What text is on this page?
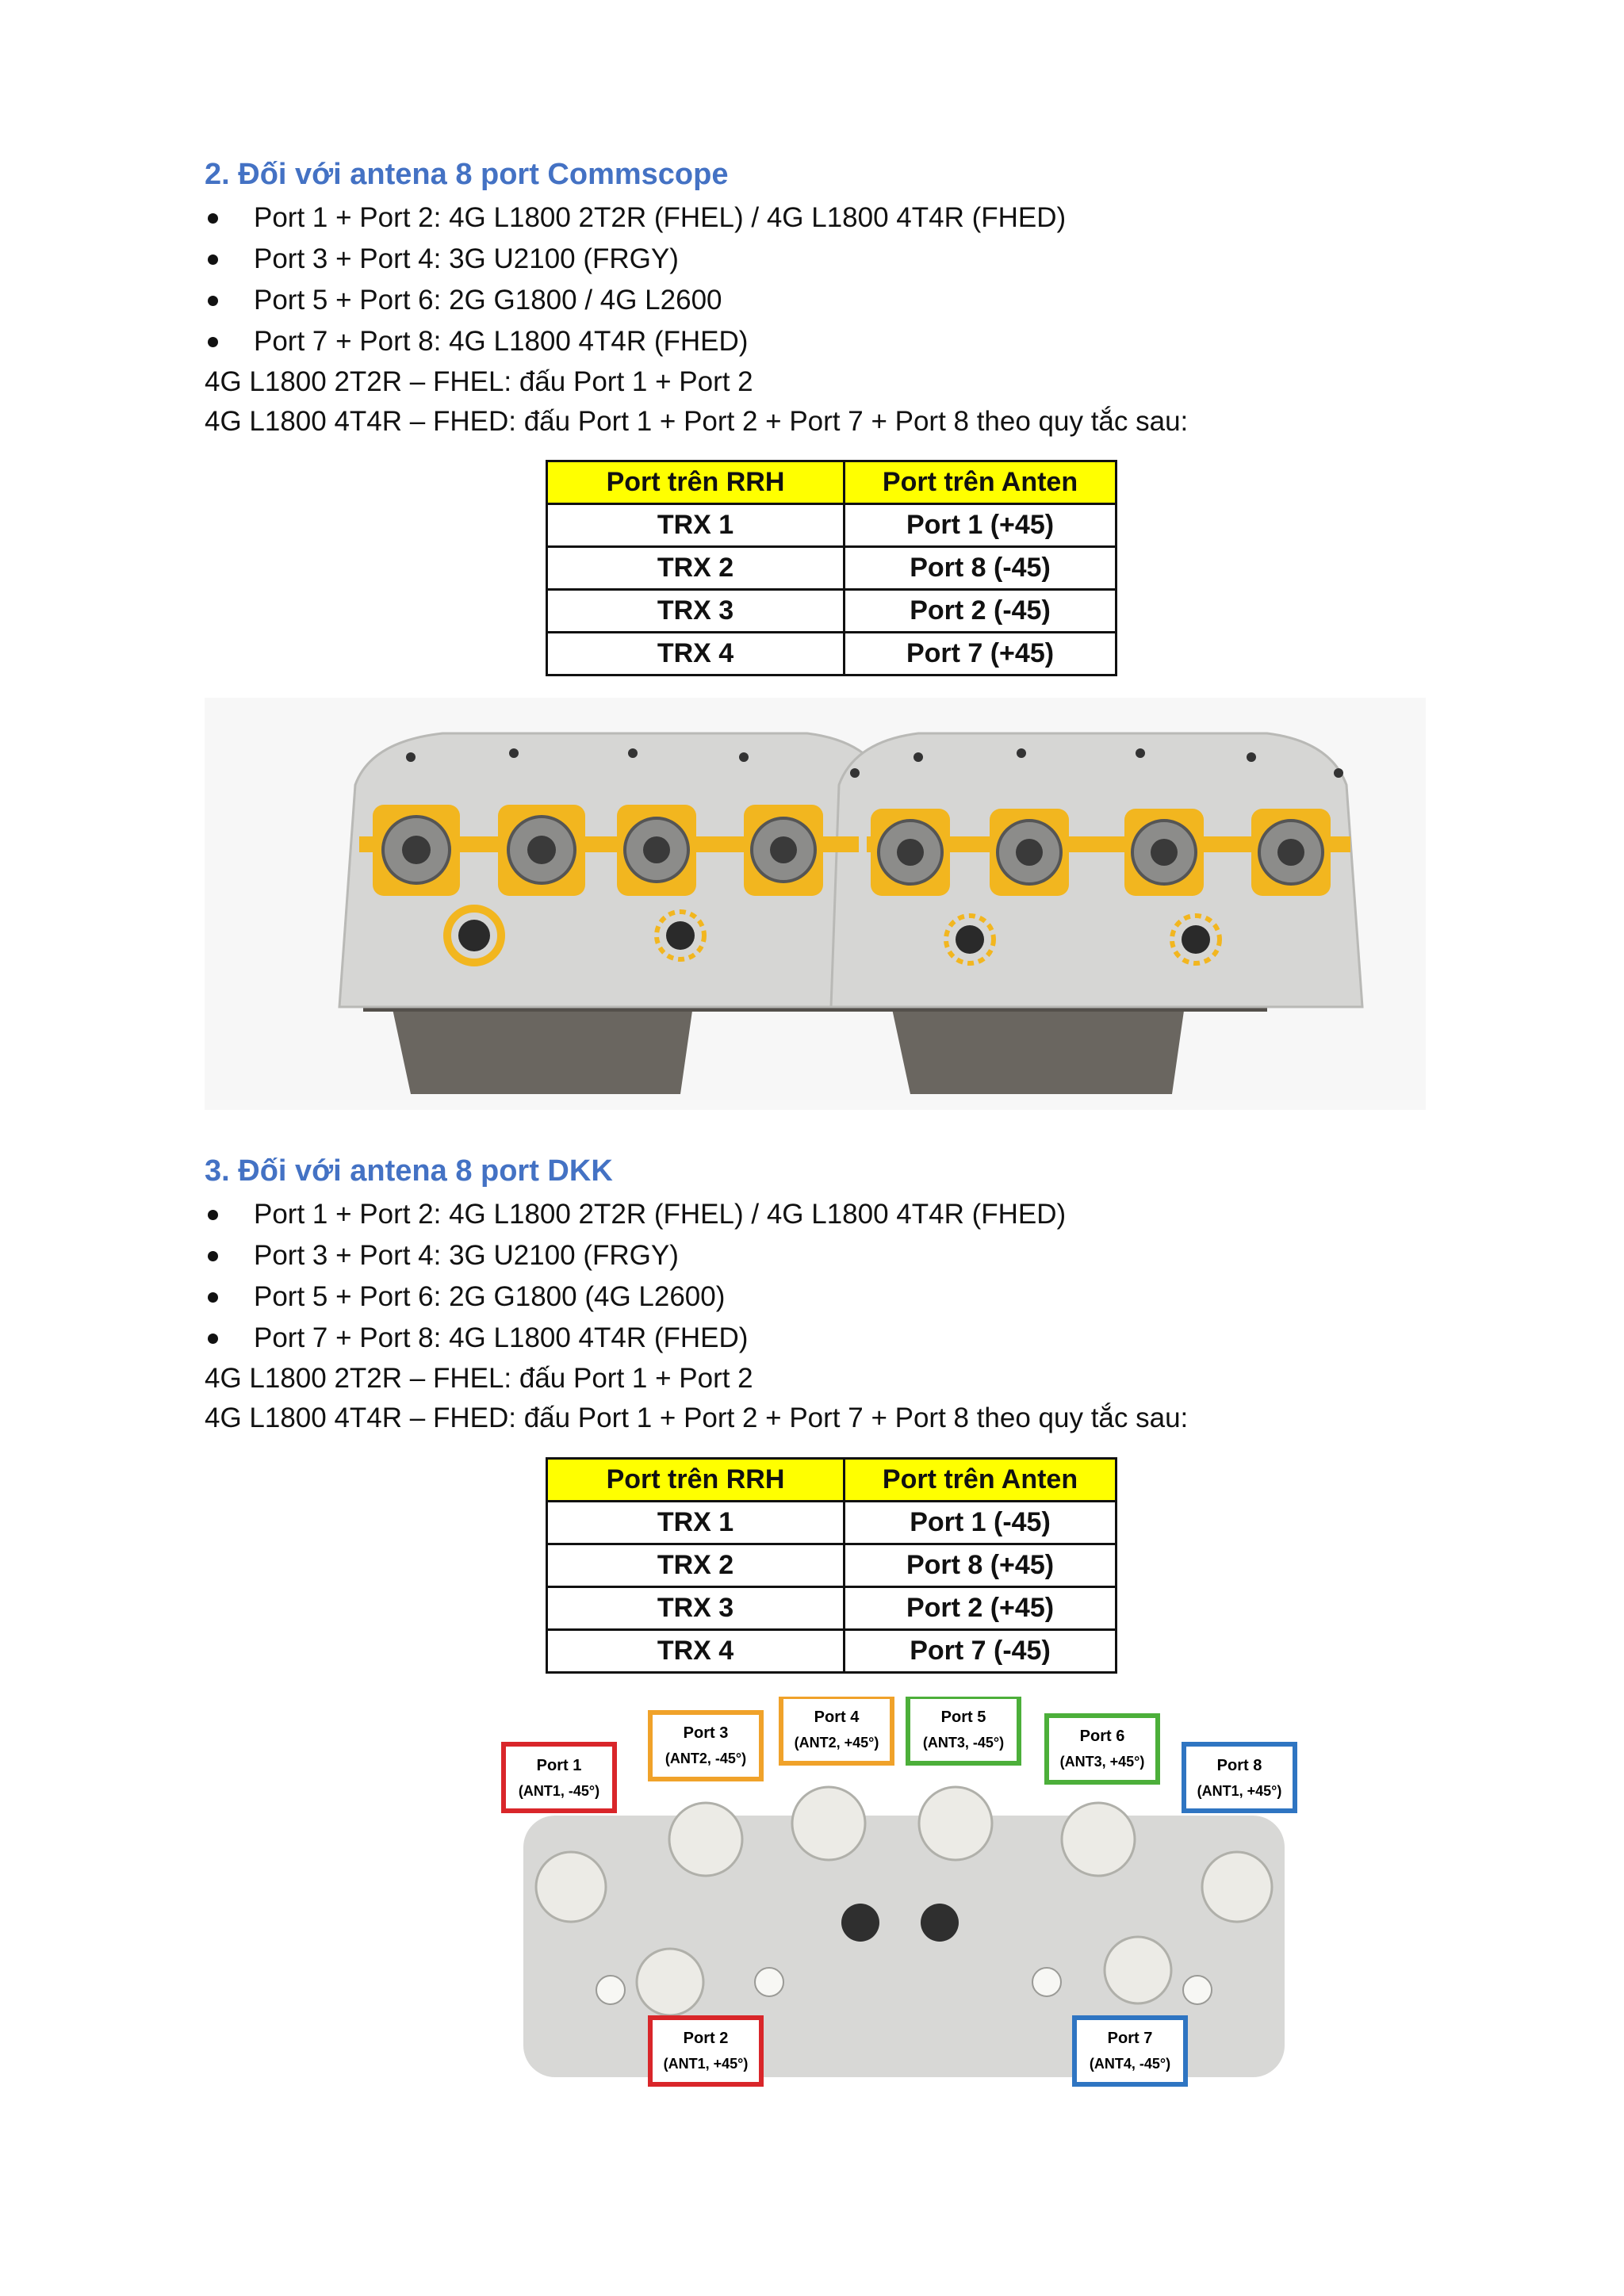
2. Đối với antena 8 port Commscope
Port 1 + Port 2: 4G L1800 2T2R (FHEL) / 4G L1800 4T4R (FHED)
Port 3 + Port 4: 3G U2100 (FRGY)
Port 5 + Port 6: 2G G1800 / 4G L2600
Port 7 + Port 8: 4G L1800 4T4R (FHED)

4G L1800 2T2R – FHEL: đấu Port 1 + Port 2

4G L1800 4T4R – FHED: đấu Port 1 + Port 2 + Port 7 + Port 8 theo quy tắc sau:

Port trên RRH	Port trên Anten
TRX 1	Port 1 (+45)
TRX 2	Port 8 (-45)
TRX 3	Port 2 (-45)
TRX 4	Port 7 (+45)
3. Đối với antena 8 port DKK
Port 1 + Port 2: 4G L1800 2T2R (FHEL) / 4G L1800 4T4R (FHED)
Port 3 + Port 4: 3G U2100 (FRGY)
Port 5 + Port 6: 2G G1800 (4G L2600)
Port 7 + Port 8: 4G L1800 4T4R (FHED)

4G L1800 2T2R – FHEL: đấu Port 1 + Port 2

4G L1800 4T4R – FHED: đấu Port 1 + Port 2 + Port 7 + Port 8 theo quy tắc sau:

Port trên RRH	Port trên Anten
TRX 1	Port 1 (-45)
TRX 2	Port 8 (+45)
TRX 3	Port 2 (+45)
TRX 4	Port 7 (-45)
Port 1
(ANT1, -45°)
Port 3
(ANT2, -45°)
Port 4
(ANT2, +45°)
Port 5
(ANT3, -45°)	Port 6
(ANT3, +45°)	Port 8
(ANT1, +45°)
Port 2
(ANT1, +45°)
Port 7
(ANT4, -45°)
